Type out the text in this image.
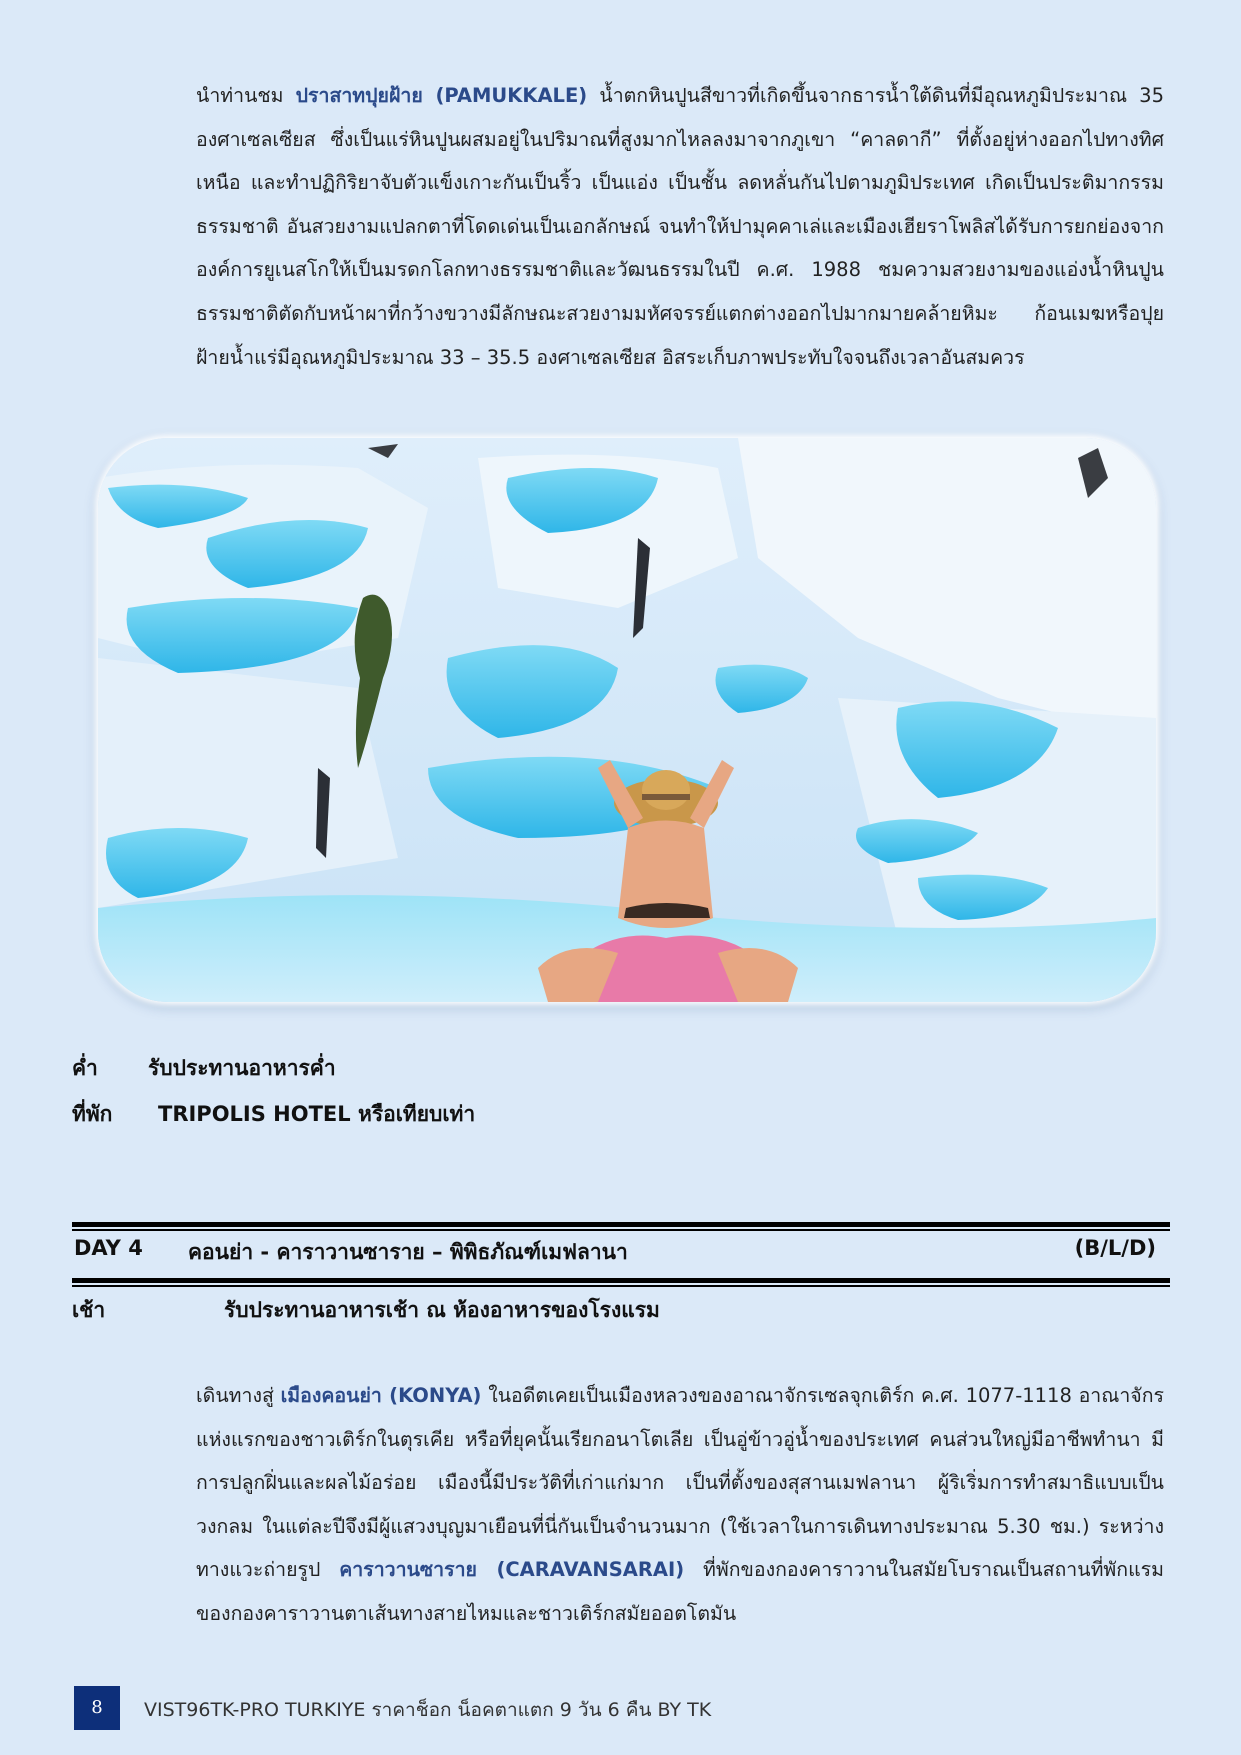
นำท่านชม ปราสาทปุยฝ้าย (PAMUKKALE) น้ำตกหินปูนสีขาวที่เกิดขึ้นจากธารน้ำใต้ดินที่มีอุณหภูมิประมาณ 35 องศาเซลเซียส ซึ่งเป็นแร่หินปูนผสมอยู่ในปริมาณที่สูงมากไหลลงมาจากภูเขา “คาลดากี” ที่ตั้งอยู่ห่างออกไปทางทิศเหนือ และทำปฏิกิริยาจับตัวแข็งเกาะกันเป็นริ้ว เป็นแอ่ง เป็นชั้น ลดหลั่นกันไปตามภูมิประเทศ เกิดเป็นประติมากรรมธรรมชาติ อันสวยงามแปลกตาที่โดดเด่นเป็นเอกลักษณ์ จนทำให้ปามุคคาเล่และเมืองเฮียราโพลิสได้รับการยกย่องจากองค์การยูเนสโกให้เป็นมรดกโลกทางธรรมชาติและวัฒนธรรมในปี ค.ศ. 1988 ชมความสวยงามของแอ่งน้ำหินปูนธรรมชาติตัดกับหน้าผาที่กว้างขวางมีลักษณะสวยงามมหัศจรรย์แตกต่างออกไปมากมายคล้ายหิมะ ก้อนเมฆหรือปุยฝ้ายน้ำแร่มีอุณหภูมิประมาณ 33 – 35.5 องศาเซลเซียส อิสระเก็บภาพประทับใจจนถึงเวลาอันสมควร
ค่ำ รับประทานอาหารค่ำ
ที่พัก TRIPOLIS HOTEL หรือเทียบเท่า
DAY 4 คอนย่า - คาราวานซาราย – พิพิธภัณฑ์เมฟลานา	(B/L/D)
เช้า	รับประทานอาหารเช้า ณ ห้องอาหารของโรงแรม
เดินทางสู่ เมืองคอนย่า (KONYA) ในอดีตเคยเป็นเมืองหลวงของอาณาจักรเซลจุกเติร์ก ค.ศ. 1077-1118 อาณาจักรแห่งแรกของชาวเติร์กในตุรเคีย หรือที่ยุคนั้นเรียกอนาโตเลีย เป็นอู่ข้าวอู่น้ำของประเทศ คนส่วนใหญ่มีอาชีพทำนา มีการปลูกฝิ่นและผลไม้อร่อย เมืองนี้มีประวัติที่เก่าแก่มาก เป็นที่ตั้งของสุสานเมฟลานา ผู้ริเริ่มการทำสมาธิแบบเป็นวงกลม ในแต่ละปีจึงมีผู้แสวงบุญมาเยือนที่นี่กันเป็นจำนวนมาก (ใช้เวลาในการเดินทางประมาณ 5.30 ชม.) ระหว่างทางแวะถ่ายรูป คาราวานซาราย (CARAVANSARAI) ที่พักของกองคาราวานในสมัยโบราณเป็นสถานที่พักแรมของกองคาราวานตาเส้นทางสายไหมและชาวเติร์กสมัยออตโตมัน
8	VIST96TK-PRO TURKIYE ราคาช็อก น็อคตาแตก 9 วัน 6 คืน BY TK
